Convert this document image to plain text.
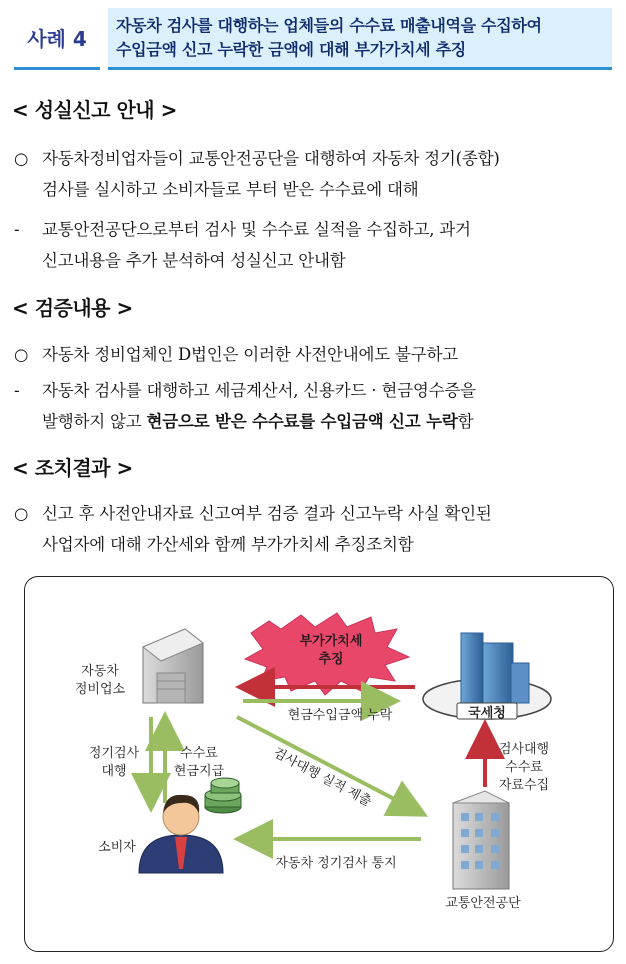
사례 4
자동차 검사를 대행하는 업체들의 수수료 매출내역을 수집하여
수입금액 신고 누락한 금액에 대해 부가가치세 추징
< 성실신고 안내 >
○ 자동차정비업자들이 교통안전공단을 대행하여 자동차 정기(종합)
검사를 실시하고 소비자들로 부터 받은 수수료에 대해
-	교통안전공단으로부터 검사 및 수수료 실적을 수집하고, 과거
신고내용을 추가 분석하여 성실신고 안내함
< 검증내용 >
○ 자동차 정비업체인 D법인은 이러한 사전안내에도 불구하고
-	자동차 검사를 대행하고 세금계산서, 신용카드 · 현금영수증을
발행하지 않고 현금으로 받은 수수료를 수입금액 신고 누락함
< 조치결과 >
○ 신고 후 사전안내자료 신고여부 검증 결과 신고누락 사실 확인된
사업자에 대해 가산세와 함께 부가가치세 추징조치함
자동차
정비업소
부가가치세
추징
국세청
현금수입금액 누락
검사대행 실적 제출
정기검사
대행
수수료
현금지급
소비자
자동차 정기검사 통지
검사대행
수수료
자료수집
교통안전공단
